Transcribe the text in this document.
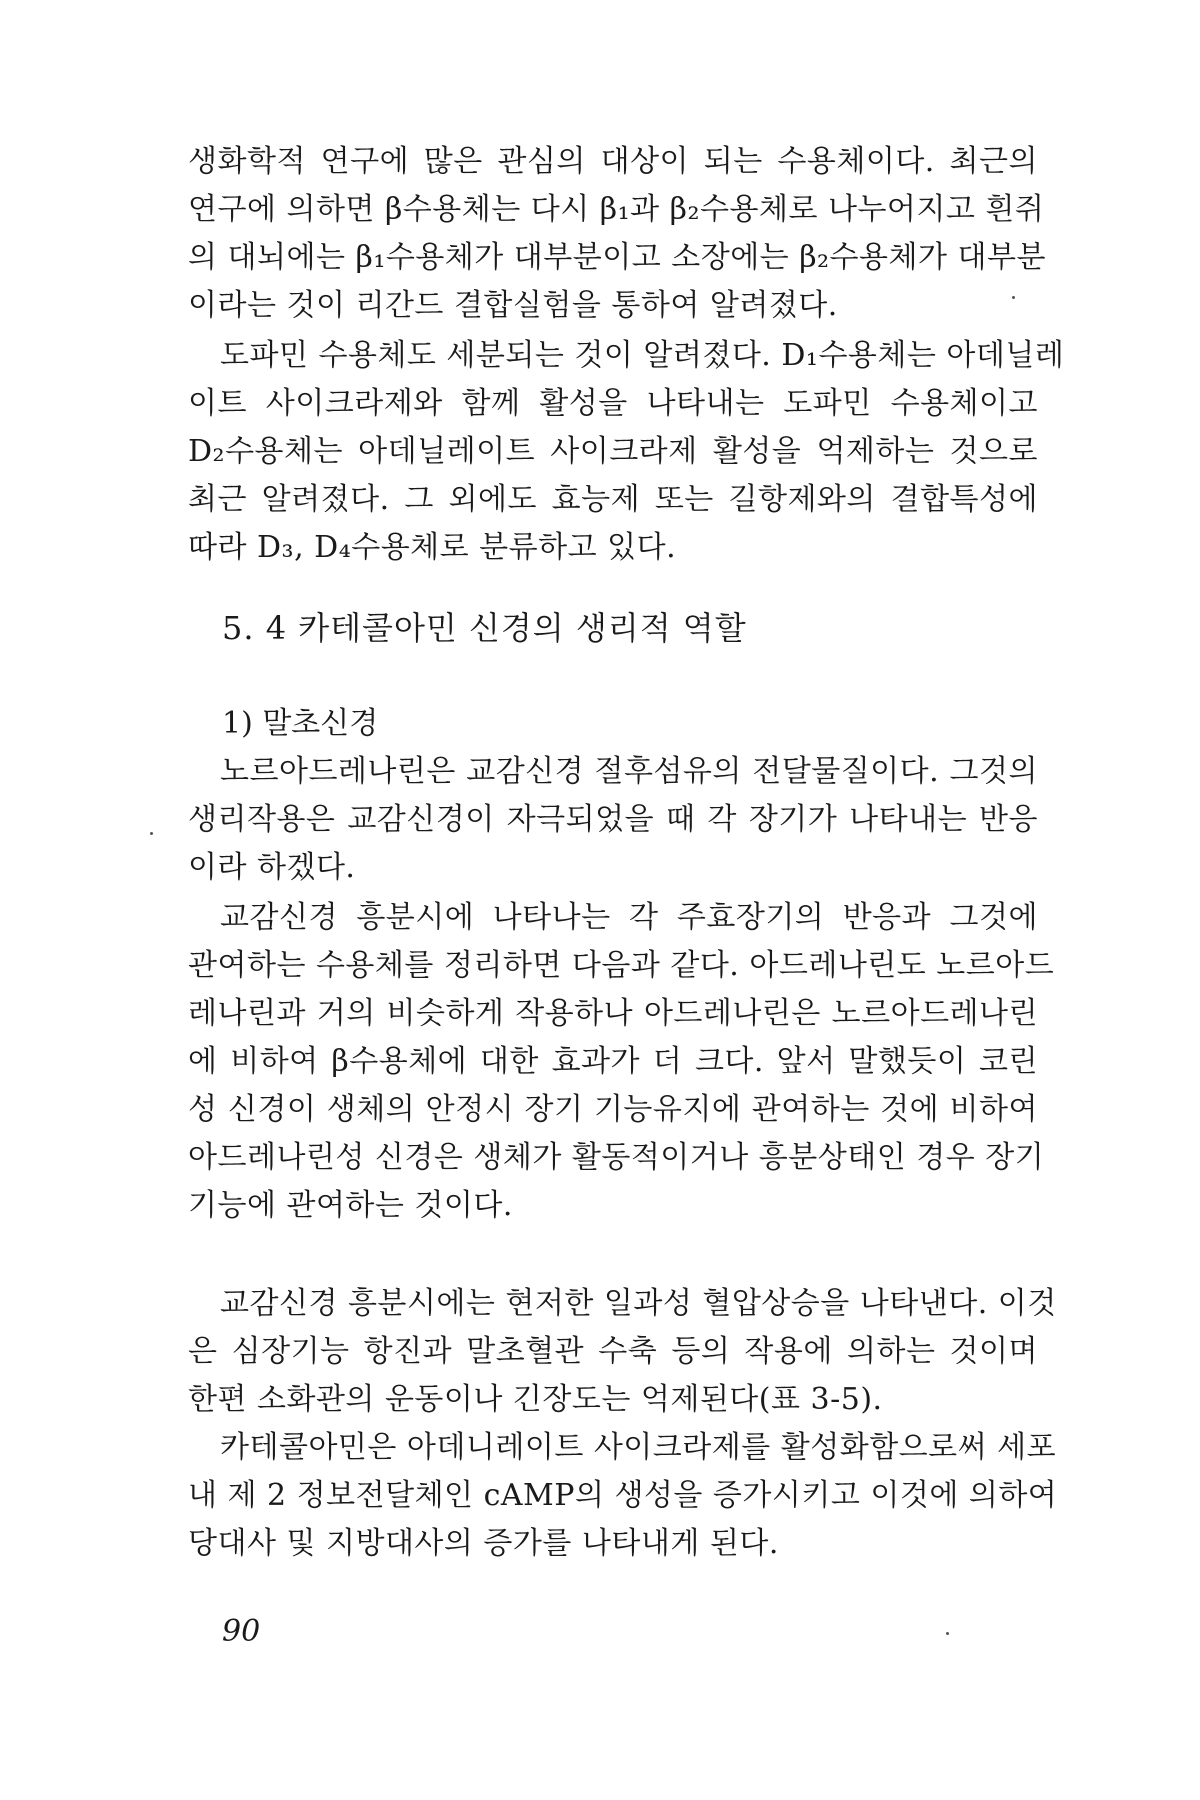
생화학적 연구에 많은 관심의 대상이 되는 수용체이다. 최근의
연구에 의하면 β수용체는 다시 β₁과 β₂수용체로 나누어지고 흰쥐
의 대뇌에는 β₁수용체가 대부분이고 소장에는 β₂수용체가 대부분
이라는 것이 리간드 결합실험을 통하여 알려졌다.
도파민 수용체도 세분되는 것이 알려졌다. D₁수용체는 아데닐레
이트 사이크라제와 함께 활성을 나타내는 도파민 수용체이고
D₂수용체는 아데닐레이트 사이크라제 활성을 억제하는 것으로
최근 알려졌다. 그 외에도 효능제 또는 길항제와의 결합특성에
따라 D₃, D₄수용체로 분류하고 있다.
5. 4 카테콜아민 신경의 생리적 역할
1) 말초신경
노르아드레나린은 교감신경 절후섬유의 전달물질이다. 그것의
생리작용은 교감신경이 자극되었을 때 각 장기가 나타내는 반응
이라 하겠다.
교감신경 흥분시에 나타나는 각 주효장기의 반응과 그것에
관여하는 수용체를 정리하면 다음과 같다. 아드레나린도 노르아드
레나린과 거의 비슷하게 작용하나 아드레나린은 노르아드레나린
에 비하여 β수용체에 대한 효과가 더 크다. 앞서 말했듯이 코린
성 신경이 생체의 안정시 장기 기능유지에 관여하는 것에 비하여
아드레나린성 신경은 생체가 활동적이거나 흥분상태인 경우 장기
기능에 관여하는 것이다.
교감신경 흥분시에는 현저한 일과성 혈압상승을 나타낸다. 이것
은 심장기능 항진과 말초혈관 수축 등의 작용에 의하는 것이며
한편 소화관의 운동이나 긴장도는 억제된다(표 3-5).
카테콜아민은 아데니레이트 사이크라제를 활성화함으로써 세포
내 제 2 정보전달체인 cAMP의 생성을 증가시키고 이것에 의하여
당대사 및 지방대사의 증가를 나타내게 된다.
90
